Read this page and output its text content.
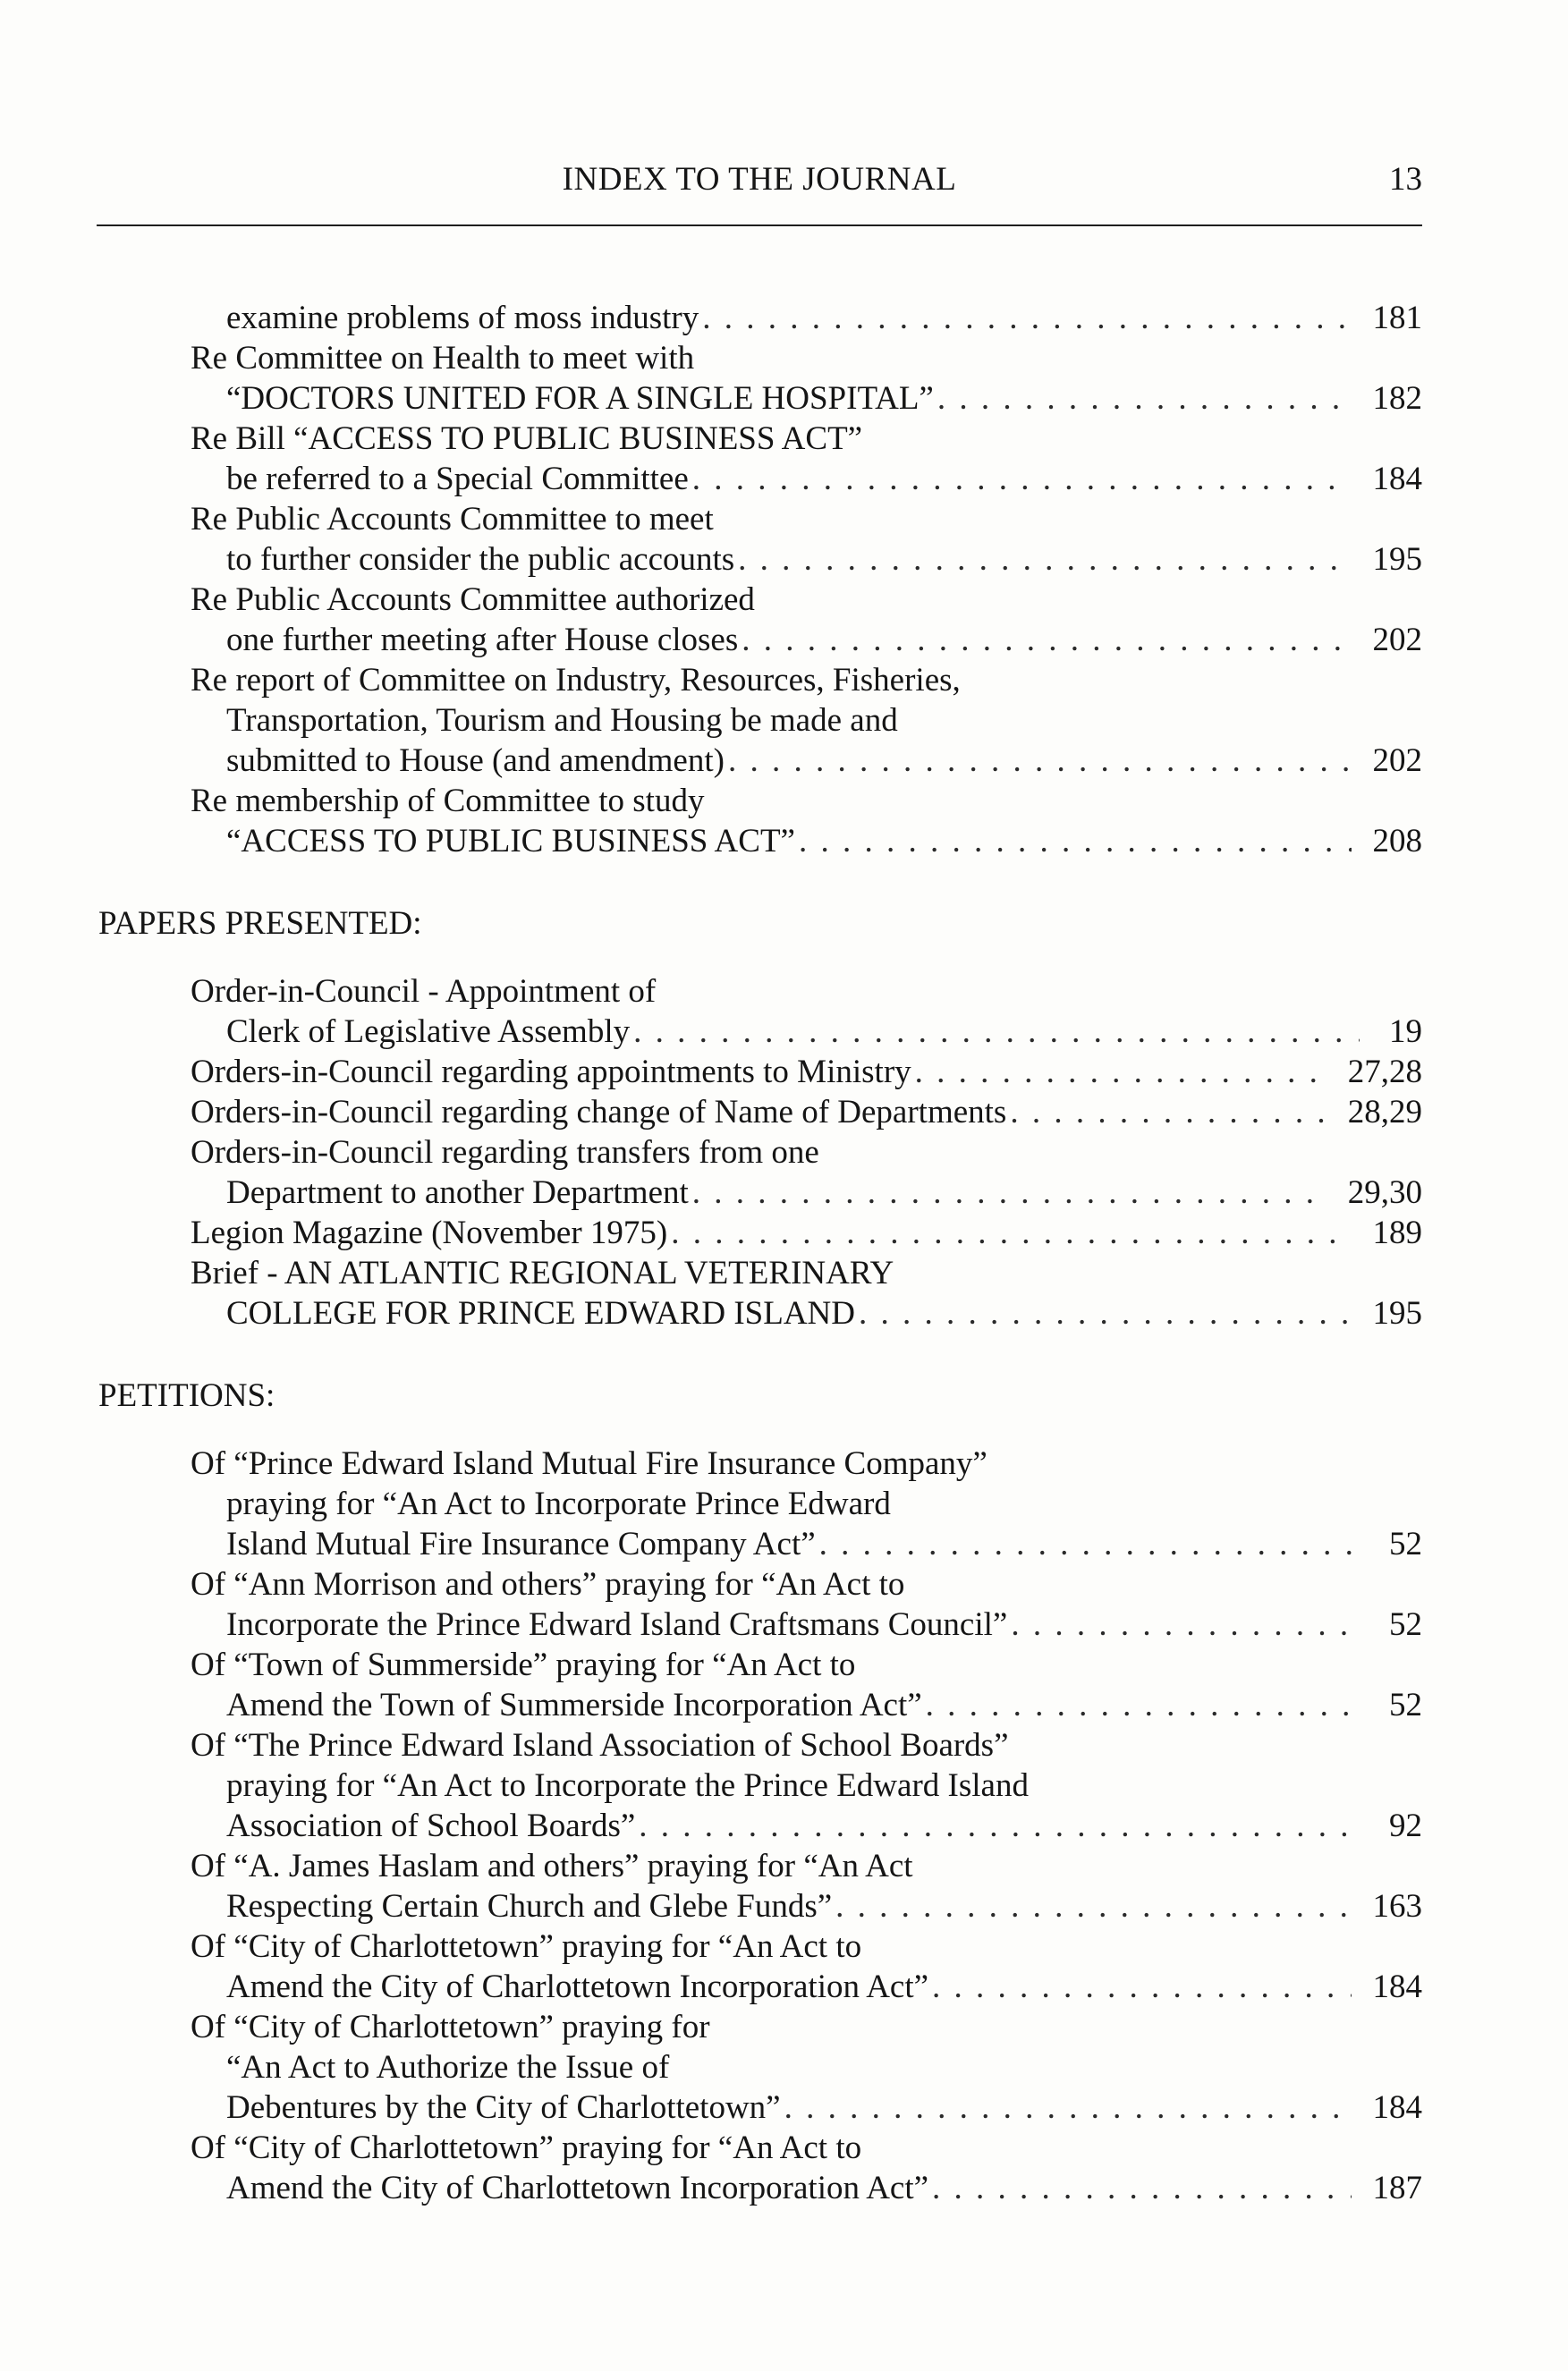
INDEX TO THE JOURNAL	13
examine problems of moss industry . . .	181
Re Committee on Health to meet with
“DOCTORS UNITED FOR A SINGLE HOSPITAL” . . .	182
Re Bill “ACCESS TO PUBLIC BUSINESS ACT”
be referred to a Special Committee . . .	184
Re Public Accounts Committee to meet
to further consider the public accounts . . .	195
Re Public Accounts Committee authorized
one further meeting after House closes . . .	202
Re report of Committee on Industry, Resources, Fisheries,
Transportation, Tourism and Housing be made and
submitted to House (and amendment) . . .	202
Re membership of Committee to study
“ACCESS TO PUBLIC BUSINESS ACT” . . .	208
PAPERS PRESENTED:
Order-in-Council - Appointment of
Clerk of Legislative Assembly . . .	19
Orders-in-Council regarding appointments to Ministry . . .	27,28
Orders-in-Council regarding change of Name of Departments . . .	28,29
Orders-in-Council regarding transfers from one
Department to another Department . . .	29,30
Legion Magazine (November 1975) . . .	189
Brief - AN ATLANTIC REGIONAL VETERINARY
COLLEGE FOR PRINCE EDWARD ISLAND . . .	195
PETITIONS:
Of “Prince Edward Island Mutual Fire Insurance Company”
praying for “An Act to Incorporate Prince Edward
Island Mutual Fire Insurance Company Act” . . .	52
Of “Ann Morrison and others” praying for “An Act to
Incorporate the Prince Edward Island Craftsmans Council” . . .	52
Of “Town of Summerside” praying for “An Act to
Amend the Town of Summerside Incorporation Act” . . .	52
Of “The Prince Edward Island Association of School Boards”
praying for “An Act to Incorporate the Prince Edward Island
Association of School Boards” . . .	92
Of “A. James Haslam and others” praying for “An Act
Respecting Certain Church and Glebe Funds” . . .	163
Of “City of Charlottetown” praying for “An Act to
Amend the City of Charlottetown Incorporation Act” . . .	184
Of “City of Charlottetown” praying for
“An Act to Authorize the Issue of
Debentures by the City of Charlottetown” . . .	184
Of “City of Charlottetown” praying for “An Act to
Amend the City of Charlottetown Incorporation Act” . . .	187
